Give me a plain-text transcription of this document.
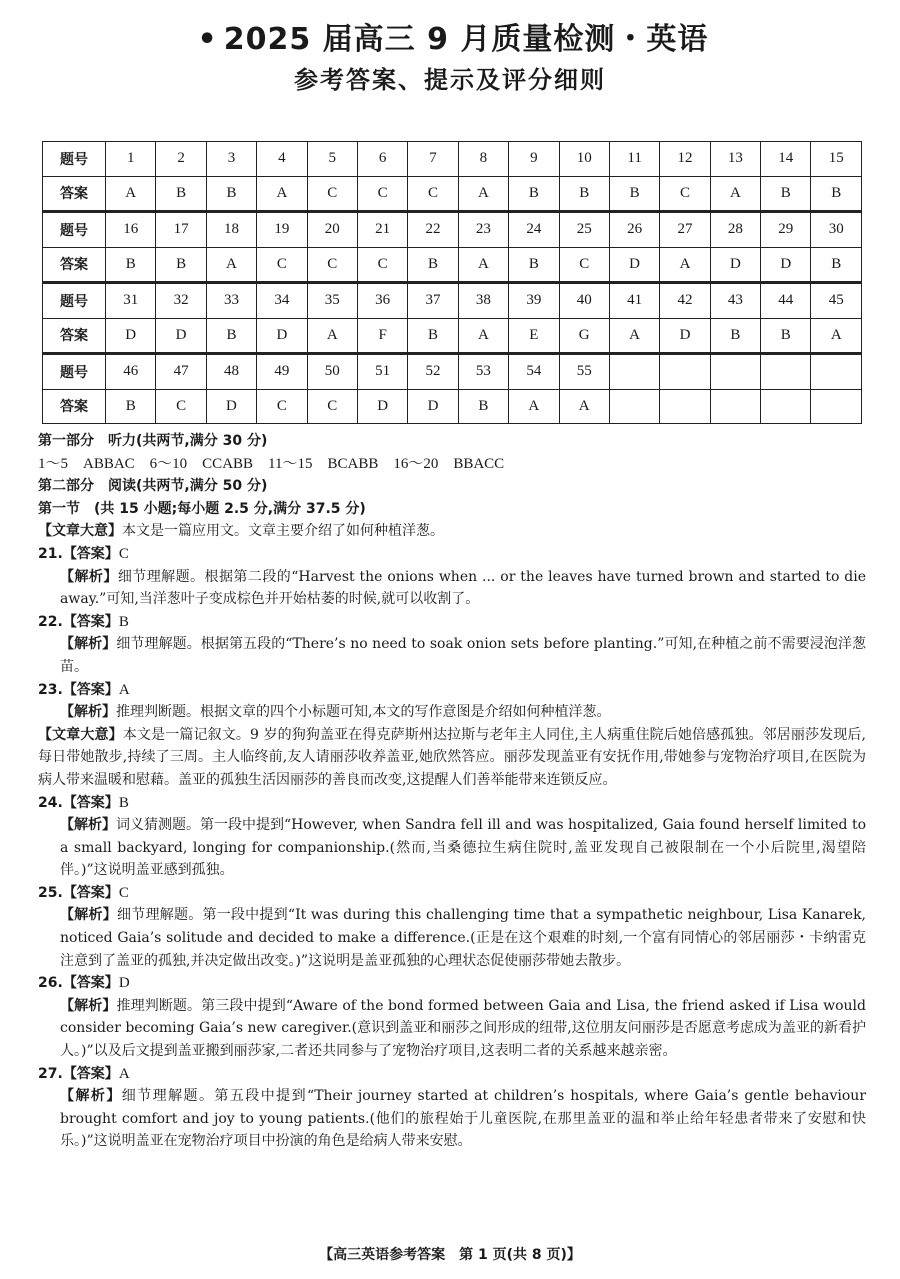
• 2025 届高三 9 月质量检测・英语
参考答案、提示及评分细则
题号	1	2	3	4	5	6	7	8	9	10	11	12	13	14	15
答案	A	B	B	A	C	C	C	A	B	B	B	C	A	B	B
题号	16	17	18	19	20	21	22	23	24	25	26	27	28	29	30
答案	B	B	A	C	C	C	B	A	B	C	D	A	D	D	B
题号	31	32	33	34	35	36	37	38	39	40	41	42	43	44	45
答案	D	D	B	D	A	F	B	A	E	G	A	D	B	B	A
题号	46	47	48	49	50	51	52	53	54	55					
答案	B	C	D	C	C	D	D	B	A	A					

第一部分　听力(共两节,满分 30 分)

1～5　ABBAC　6～10　CCABB　11～15　BCABB　16～20　BBACC

第二部分　阅读(共两节,满分 50 分)

第一节　(共 15 小题;每小题 2.5 分,满分 37.5 分)

【文章大意】本文是一篇应用文。文章主要介绍了如何种植洋葱。

21.【答案】C

【解析】细节理解题。根据第二段的“Harvest the onions when ... or the leaves have turned brown and started to die away.”可知,当洋葱叶子变成棕色并开始枯萎的时候,就可以收割了。

22.【答案】B

【解析】细节理解题。根据第五段的“There’s no need to soak onion sets before planting.”可知,在种植之前不需要浸泡洋葱苗。

23.【答案】A

【解析】推理判断题。根据文章的四个小标题可知,本文的写作意图是介绍如何种植洋葱。

【文章大意】本文是一篇记叙文。9 岁的狗狗盖亚在得克萨斯州达拉斯与老年主人同住,主人病重住院后她倍感孤独。邻居丽莎发现后,每日带她散步,持续了三周。主人临终前,友人请丽莎收养盖亚,她欣然答应。丽莎发现盖亚有安抚作用,带她参与宠物治疗项目,在医院为病人带来温暖和慰藉。盖亚的孤独生活因丽莎的善良而改变,这提醒人们善举能带来连锁反应。

24.【答案】B

【解析】词义猜测题。第一段中提到“However, when Sandra fell ill and was hospitalized, Gaia found herself limited to a small backyard, longing for companionship.(然而,当桑德拉生病住院时,盖亚发现自己被限制在一个小后院里,渴望陪伴。)”这说明盖亚感到孤独。

25.【答案】C

【解析】细节理解题。第一段中提到“It was during this challenging time that a sympathetic neighbour, Lisa Kanarek, noticed Gaia’s solitude and decided to make a difference.(正是在这个艰难的时刻,一个富有同情心的邻居丽莎・卡纳雷克注意到了盖亚的孤独,并决定做出改变。)”这说明是盖亚孤独的心理状态促使丽莎带她去散步。

26.【答案】D

【解析】推理判断题。第三段中提到“Aware of the bond formed between Gaia and Lisa, the friend asked if Lisa would consider becoming Gaia’s new caregiver.(意识到盖亚和丽莎之间形成的纽带,这位朋友问丽莎是否愿意考虑成为盖亚的新看护人。)”以及后文提到盖亚搬到丽莎家,二者还共同参与了宠物治疗项目,这表明二者的关系越来越亲密。

27.【答案】A

【解析】细节理解题。第五段中提到“Their journey started at children’s hospitals, where Gaia’s gentle behaviour brought comfort and joy to young patients.(他们的旅程始于儿童医院,在那里盖亚的温和举止给年轻患者带来了安慰和快乐。)”这说明盖亚在宠物治疗项目中扮演的角色是给病人带来安慰。

【高三英语参考答案　第 1 页(共 8 页)】
